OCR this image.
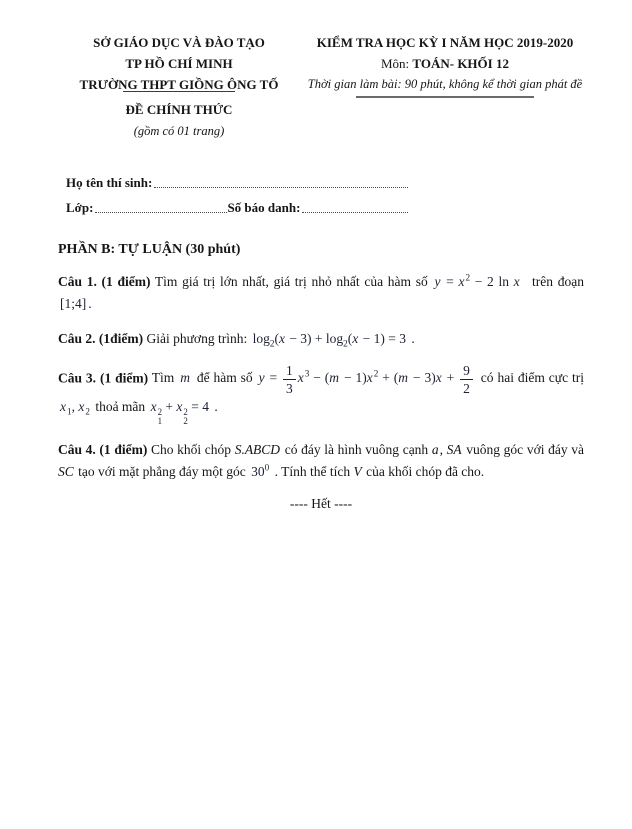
SỞ GIÁO DỤC VÀ ĐÀO TẠO
TP HỒ CHÍ MINH
TRƯỜNG THPT GIỒNG ÔNG TỐ
ĐỀ CHÍNH THỨC
(gồm có 01 trang)
KIỂM TRA HỌC KỲ I NĂM HỌC 2019-2020
Môn: TOÁN- KHỐI 12
Thời gian làm bài: 90 phút, không kể thời gian phát đề
Họ tên thí sinh:
Lớp:	Số báo danh:
PHẦN B: TỰ LUẬN (30 phút)

Câu 1. (1 điểm) Tìm giá trị lớn nhất, giá trị nhỏ nhất của hàm số $y = x^2 - 2$ ln x  trên đoạn [1;4] .

Câu 2. (1điểm) Giải phương trình: $\log_2(x - 3) + \log_2(x - 1) = 3$ .

Câu 3. (1 điểm) Tìm m để hàm số $y = \frac{1}{3} x^3 - (m - 1)x^2 + (m - 3)x + \frac{9}{2}$ có hai điểm cực trị $x_1$, $x_2$ thoả mãn x 2
1
+ x 2
2
= 4 .

Câu 4. (1 điểm) Cho khối chóp S.ABCD có đáy là hình vuông cạnh a, SA vuông góc với đáy và SC tạo với mặt phẳng đáy một góc $30^0$ . Tính thể tích V của khối chóp đã cho.

---- Hết ----
